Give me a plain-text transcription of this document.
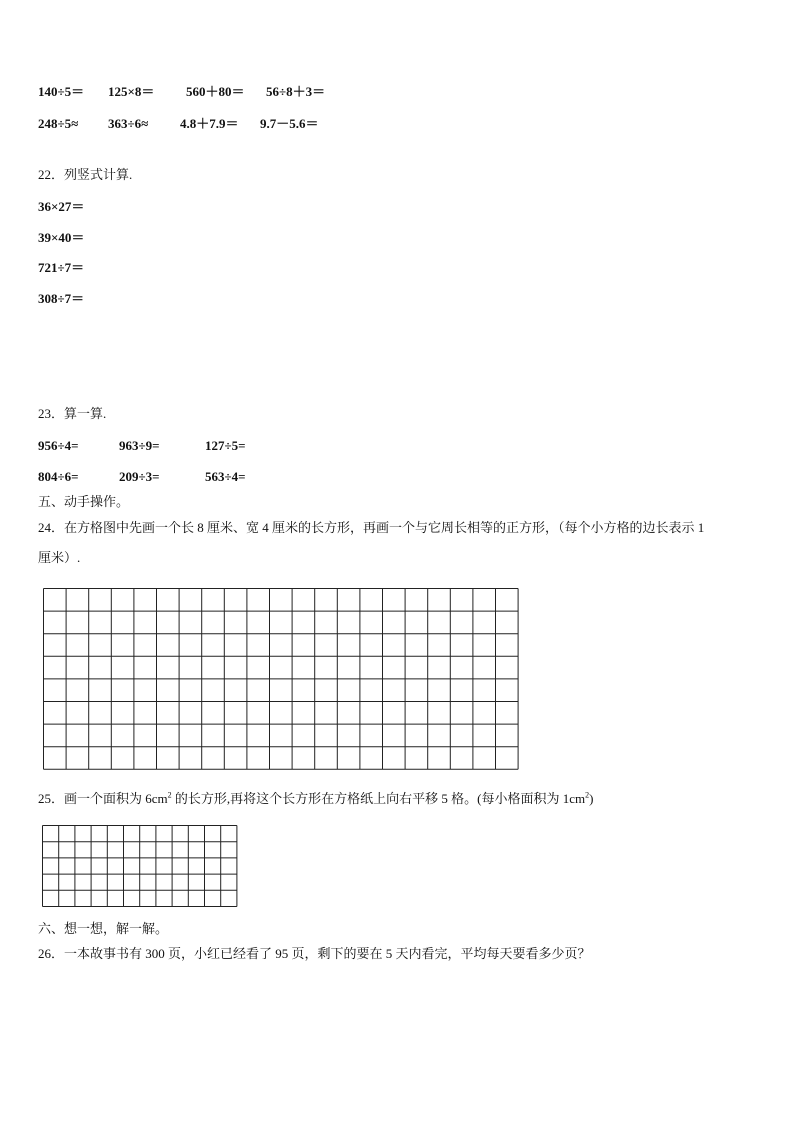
140÷5＝ 125×8＝ 560＋80＝ 56÷8＋3＝
248÷5≈ 363÷6≈ 4.8＋7.9＝ 9.7－5.6＝
22．列竖式计算.
36×27＝
39×40＝
721÷7＝
308÷7＝
23．算一算.
956÷4=	963÷9=	127÷5=
804÷6=	209÷3=	563÷4=
五、动手操作。
24．在方格图中先画一个长 8 厘米、宽 4 厘米的长方形，再画一个与它周长相等的正方形，（每个小方格的边长表示 1
厘米）.
25．画一个面积为 $6cm^2$ 的长方形,再将这个长方形在方格纸上向右平移 5 格。(每小格面积为 $1cm^2$)
六、想一想，解一解。
26．一本故事书有 300 页，小红已经看了 95 页，剩下的要在 5 天内看完，平均每天要看多少页？
